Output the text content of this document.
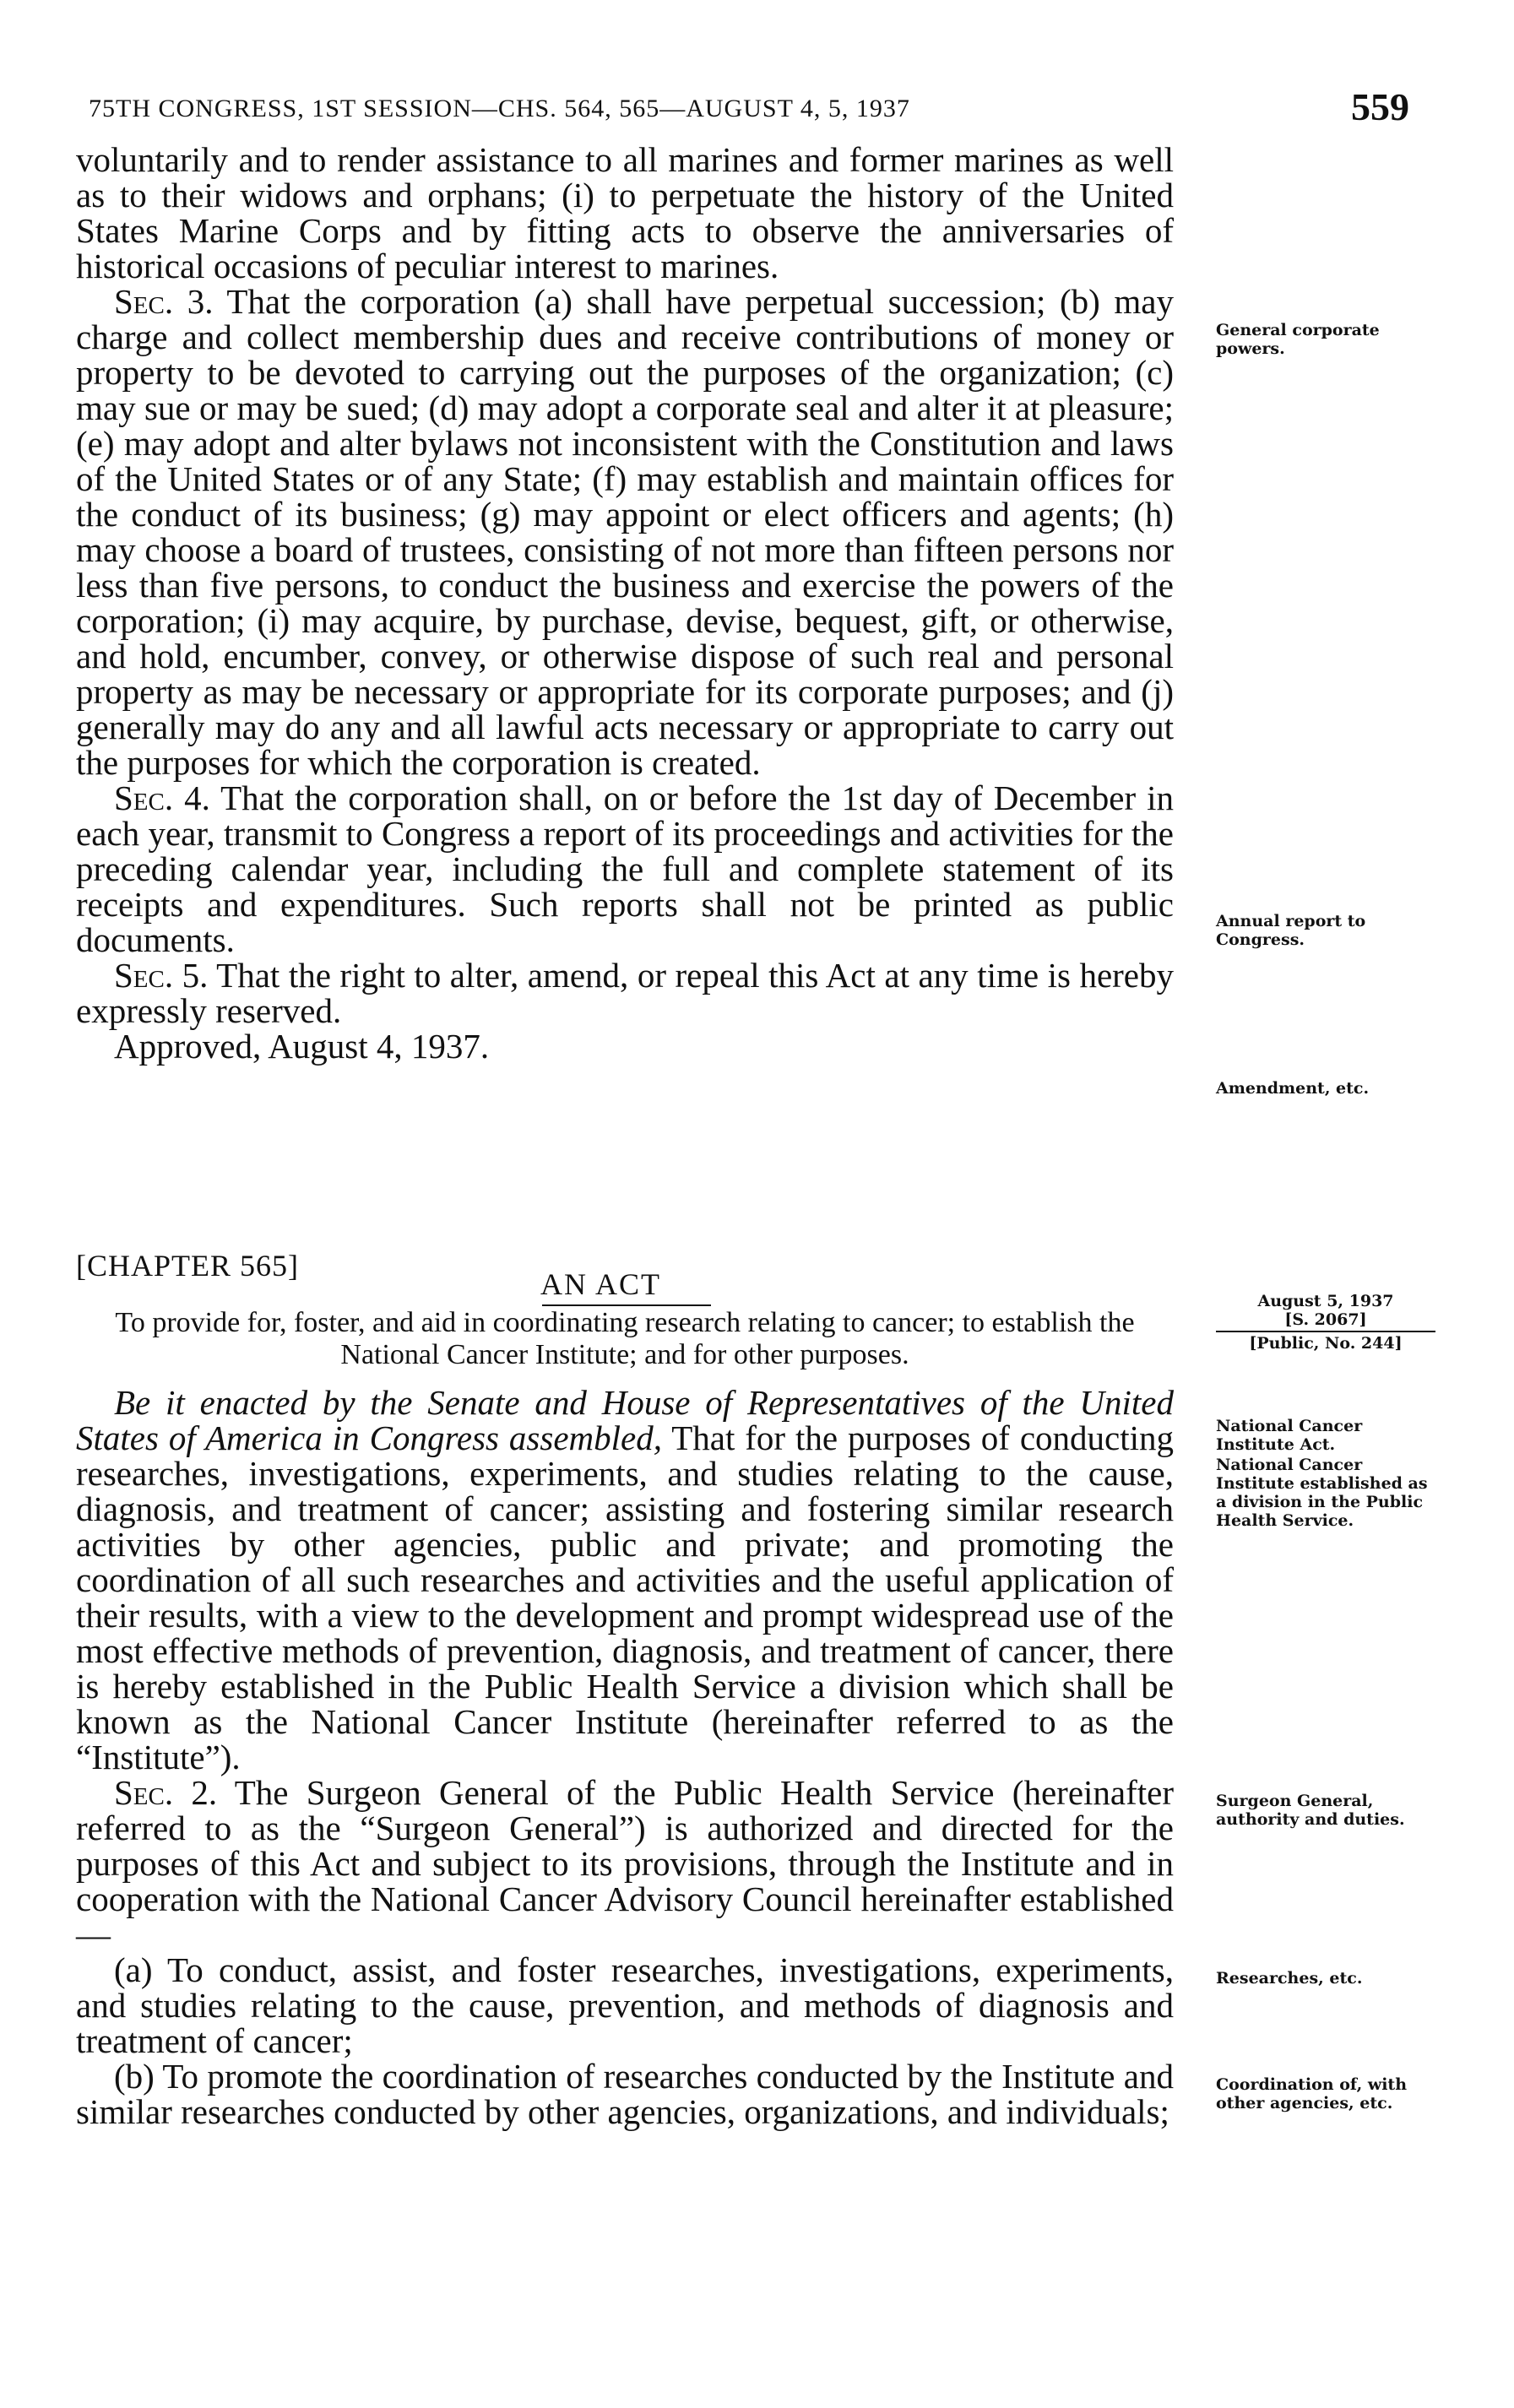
75TH CONGRESS, 1ST SESSION—CHS. 564, 565—AUGUST 4, 5, 1937	559

voluntarily and to render assistance to all marines and former marines as well as to their widows and orphans; (i) to perpetuate the history of the United States Marine Corps and by fitting acts to observe the anniversaries of historical occasions of peculiar interest to marines.

Sec. 3. That the corporation (a) shall have perpetual succession; (b) may charge and collect membership dues and receive contributions of money or property to be devoted to carrying out the purposes of the organization; (c) may sue or may be sued; (d) may adopt a corporate seal and alter it at pleasure; (e) may adopt and alter bylaws not inconsistent with the Constitution and laws of the United States or of any State; (f) may establish and maintain offices for the conduct of its business; (g) may appoint or elect officers and agents; (h) may choose a board of trustees, consisting of not more than fifteen persons nor less than five persons, to conduct the business and exercise the powers of the corporation; (i) may acquire, by purchase, devise, bequest, gift, or otherwise, and hold, encumber, convey, or otherwise dispose of such real and personal property as may be necessary or appropriate for its corporate purposes; and (j) generally may do any and all lawful acts necessary or appropriate to carry out the purposes for which the corporation is created.

Sec. 4. That the corporation shall, on or before the 1st day of December in each year, transmit to Congress a report of its proceedings and activities for the preceding calendar year, including the full and complete statement of its receipts and expenditures. Such reports shall not be printed as public documents.

Sec. 5. That the right to alter, amend, or repeal this Act at any time is hereby expressly reserved.

Approved, August 4, 1937.

General corporate powers.
Annual report to Congress.
Amendment, etc.
[CHAPTER 565]
AN ACT
To provide for, foster, and aid in coordinating research relating to cancer; to establish the National Cancer Institute; and for other purposes.
August 5, 1937
[S. 2067]
[Public, No. 244]

Be it enacted by the Senate and House of Representatives of the United States of America in Congress assembled, That for the purposes of conducting researches, investigations, experiments, and studies relating to the cause, diagnosis, and treatment of cancer; assisting and fostering similar research activities by other agencies, public and private; and promoting the coordination of all such researches and activities and the useful application of their results, with a view to the development and prompt widespread use of the most effective methods of prevention, diagnosis, and treatment of cancer, there is hereby established in the Public Health Service a division which shall be known as the National Cancer Institute (hereinafter referred to as the “Institute”).

Sec. 2. The Surgeon General of the Public Health Service (hereinafter referred to as the “Surgeon General”) is authorized and directed for the purposes of this Act and subject to its provisions, through the Institute and in cooperation with the National Cancer Advisory Council hereinafter established—

(a) To conduct, assist, and foster researches, investigations, experiments, and studies relating to the cause, prevention, and methods of diagnosis and treatment of cancer;

(b) To promote the coordination of researches conducted by the Institute and similar researches conducted by other agencies, organizations, and individuals;

National Cancer Institute Act.
National Cancer Institute established as a division in the Public Health Service.
Surgeon General, authority and duties.
Researches, etc.
Coordination of, with other agencies, etc.
